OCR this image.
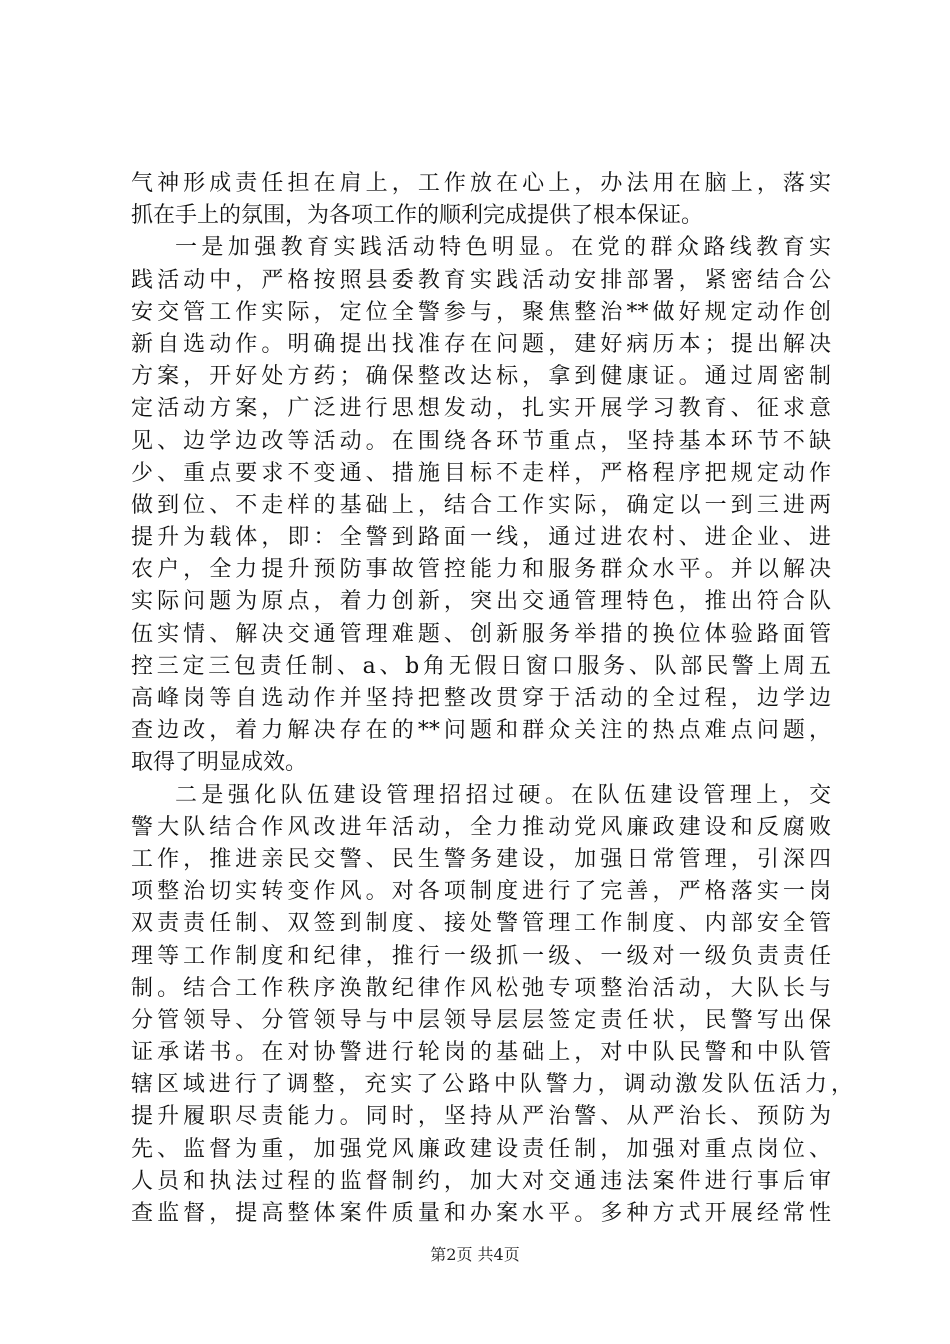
气神形成责任担在肩上，工作放在心上，办法用在脑上，落实
抓在手上的氛围，为各项工作的顺利完成提供了根本保证。
一是加强教育实践活动特色明显。在党的群众路线教育实
践活动中，严格按照县委教育实践活动安排部署，紧密结合公
安交管工作实际，定位全警参与，聚焦整治**做好规定动作创
新自选动作。明确提出找准存在问题，建好病历本；提出解决
方案，开好处方药；确保整改达标，拿到健康证。通过周密制
定活动方案，广泛进行思想发动，扎实开展学习教育、征求意
见、边学边改等活动。在围绕各环节重点，坚持基本环节不缺
少、重点要求不变通、措施目标不走样，严格程序把规定动作
做到位、不走样的基础上，结合工作实际，确定以一到三进两
提升为载体，即：全警到路面一线，通过进农村、进企业、进
农户，全力提升预防事故管控能力和服务群众水平。并以解决
实际问题为原点，着力创新，突出交通管理特色，推出符合队
伍实情、解决交通管理难题、创新服务举措的换位体验路面管
控三定三包责任制、a、b角无假日窗口服务、队部民警上周五
高峰岗等自选动作并坚持把整改贯穿于活动的全过程，边学边
查边改，着力解决存在的**问题和群众关注的热点难点问题，
取得了明显成效。
二是强化队伍建设管理招招过硬。在队伍建设管理上，交
警大队结合作风改进年活动，全力推动党风廉政建设和反腐败
工作，推进亲民交警、民生警务建设，加强日常管理，引深四
项整治切实转变作风。对各项制度进行了完善，严格落实一岗
双责责任制、双签到制度、接处警管理工作制度、内部安全管
理等工作制度和纪律，推行一级抓一级、一级对一级负责责任
制。结合工作秩序涣散纪律作风松弛专项整治活动，大队长与
分管领导、分管领导与中层领导层层签定责任状，民警写出保
证承诺书。在对协警进行轮岗的基础上，对中队民警和中队管
辖区域进行了调整，充实了公路中队警力，调动激发队伍活力，
提升履职尽责能力。同时，坚持从严治警、从严治长、预防为
先、监督为重，加强党风廉政建设责任制，加强对重点岗位、
人员和执法过程的监督制约，加大对交通违法案件进行事后审
查监督，提高整体案件质量和办案水平。多种方式开展经常性
第2页 共4页
